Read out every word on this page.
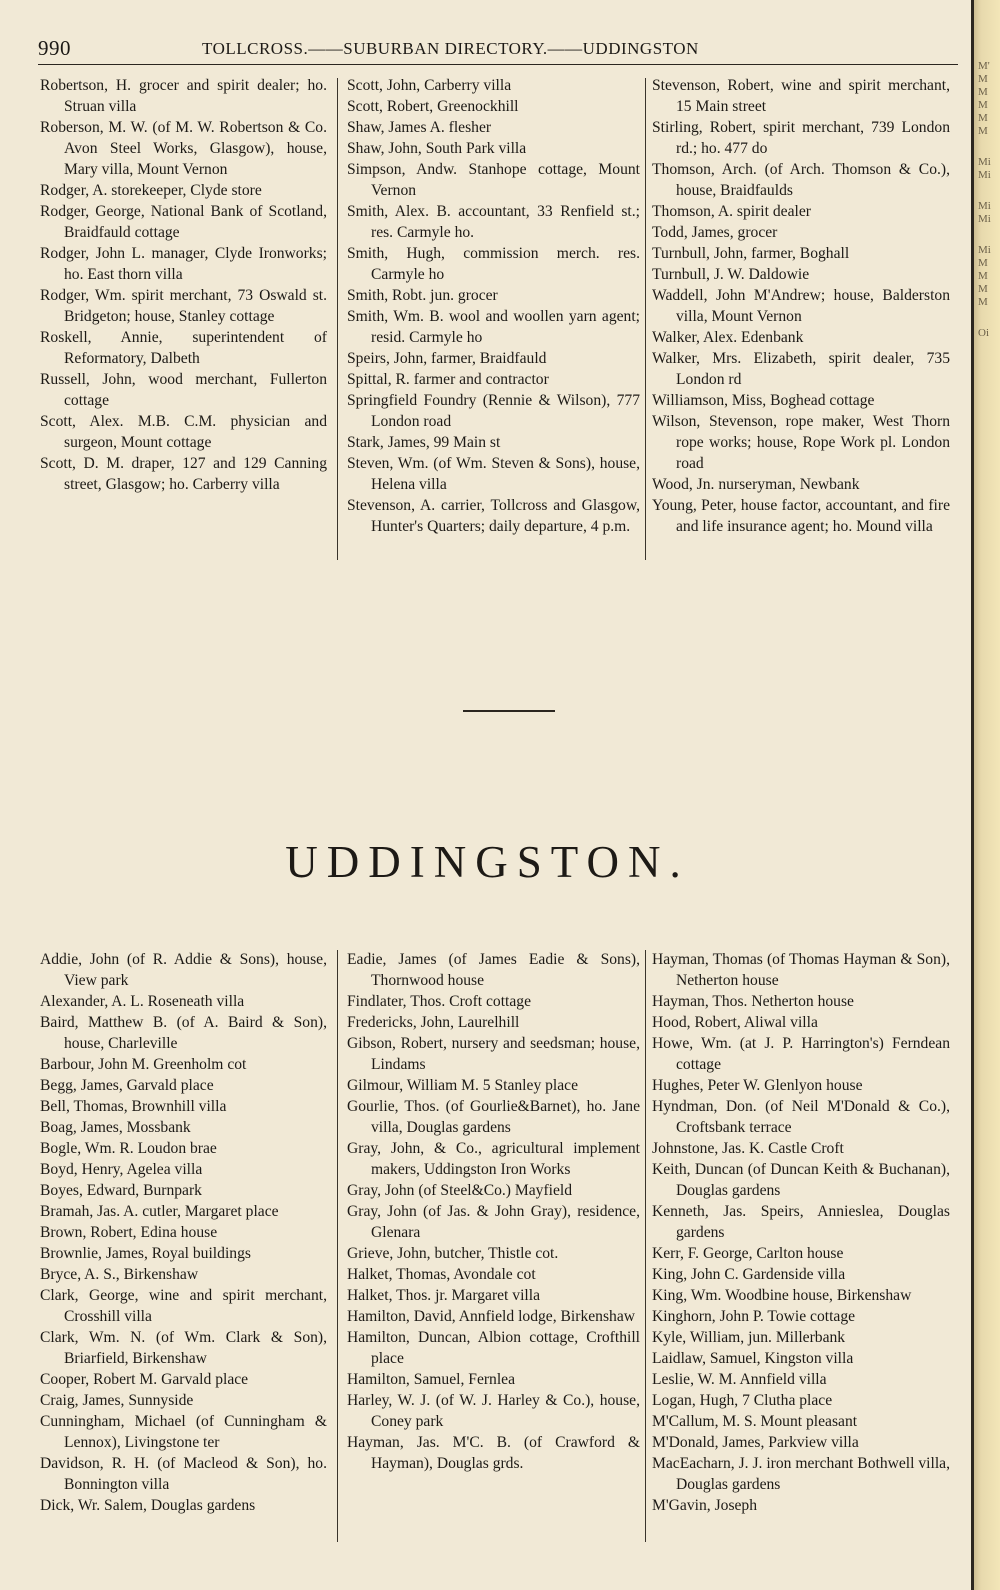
M'
M
M
M
M
M
Mi
Mi
Mi
Mi
Mi
M
M
M
M
Oi
990	TOLLCROSS.——SUBURBAN DIRECTORY.——UDDINGSTON

Robertson, H. grocer and spirit dealer; ho. Struan villa

Roberson, M. W. (of M. W. Robertson & Co. Avon Steel Works, Glasgow), house, Mary villa, Mount Vernon

Rodger, A. storekeeper, Clyde store

Rodger, George, National Bank of Scotland, Braidfauld cottage

Rodger, John L. manager, Clyde Ironworks; ho. East thorn villa

Rodger, Wm. spirit merchant, 73 Oswald st. Bridgeton; house, Stanley cottage

Roskell, Annie, superintendent of Reformatory, Dalbeth

Russell, John, wood merchant, Fullerton cottage

Scott, Alex. M.B. C.M. physician and surgeon, Mount cottage

Scott, D. M. draper, 127 and 129 Canning street, Glasgow; ho. Carberry villa

Scott, John, Carberry villa

Scott, Robert, Greenockhill

Shaw, James A. flesher

Shaw, John, South Park villa

Simpson, Andw. Stanhope cottage, Mount Vernon

Smith, Alex. B. accountant, 33 Renfield st.; res. Carmyle ho.

Smith, Hugh, commission merch. res. Carmyle ho

Smith, Robt. jun. grocer

Smith, Wm. B. wool and woollen yarn agent; resid. Carmyle ho

Speirs, John, farmer, Braidfauld

Spittal, R. farmer and contractor

Springfield Foundry (Rennie & Wilson), 777 London road

Stark, James, 99 Main st

Steven, Wm. (of Wm. Steven & Sons), house, Helena villa

Stevenson, A. carrier, Tollcross and Glasgow, Hunter's Quarters; daily departure, 4 p.m.

Stevenson, Robert, wine and spirit merchant, 15 Main street

Stirling, Robert, spirit merchant, 739 London rd.; ho. 477 do

Thomson, Arch. (of Arch. Thomson & Co.), house, Braidfaulds

Thomson, A. spirit dealer

Todd, James, grocer

Turnbull, John, farmer, Boghall

Turnbull, J. W. Daldowie

Waddell, John M'Andrew; house, Balderston villa, Mount Vernon

Walker, Alex. Edenbank

Walker, Mrs. Elizabeth, spirit dealer, 735 London rd

Williamson, Miss, Boghead cottage

Wilson, Stevenson, rope maker, West Thorn rope works; house, Rope Work pl. London road

Wood, Jn. nurseryman, Newbank

Young, Peter, house factor, accountant, and fire and life insurance agent; ho. Mound villa

UDDINGSTON.

Addie, John (of R. Addie & Sons), house, View park

Alexander, A. L. Roseneath villa

Baird, Matthew B. (of A. Baird & Son), house, Charleville

Barbour, John M. Greenholm cot

Begg, James, Garvald place

Bell, Thomas, Brownhill villa

Boag, James, Mossbank

Bogle, Wm. R. Loudon brae

Boyd, Henry, Agelea villa

Boyes, Edward, Burnpark

Bramah, Jas. A. cutler, Margaret place

Brown, Robert, Edina house

Brownlie, James, Royal buildings

Bryce, A. S., Birkenshaw

Clark, George, wine and spirit merchant, Crosshill villa

Clark, Wm. N. (of Wm. Clark & Son), Briarfield, Birkenshaw

Cooper, Robert M. Garvald place

Craig, James, Sunnyside

Cunningham, Michael (of Cunningham & Lennox), Livingstone ter

Davidson, R. H. (of Macleod & Son), ho. Bonnington villa

Dick, Wr. Salem, Douglas gardens

Eadie, James (of James Eadie & Sons), Thornwood house

Findlater, Thos. Croft cottage

Fredericks, John, Laurelhill

Gibson, Robert, nursery and seedsman; house, Lindams

Gilmour, William M. 5 Stanley place

Gourlie, Thos. (of Gourlie&Barnet), ho. Jane villa, Douglas gardens

Gray, John, & Co., agricultural implement makers, Uddingston Iron Works

Gray, John (of Steel&Co.) Mayfield

Gray, John (of Jas. & John Gray), residence, Glenara

Grieve, John, butcher, Thistle cot.

Halket, Thomas, Avondale cot

Halket, Thos. jr. Margaret villa

Hamilton, David, Annfield lodge, Birkenshaw

Hamilton, Duncan, Albion cottage, Crofthill place

Hamilton, Samuel, Fernlea

Harley, W. J. (of W. J. Harley & Co.), house, Coney park

Hayman, Jas. M'C. B. (of Crawford & Hayman), Douglas grds.

Hayman, Thomas (of Thomas Hayman & Son), Netherton house

Hayman, Thos. Netherton house

Hood, Robert, Aliwal villa

Howe, Wm. (at J. P. Harrington's) Ferndean cottage

Hughes, Peter W. Glenlyon house

Hyndman, Don. (of Neil M'Donald & Co.), Croftsbank terrace

Johnstone, Jas. K. Castle Croft

Keith, Duncan (of Duncan Keith & Buchanan), Douglas gardens

Kenneth, Jas. Speirs, Anniesleа, Douglas gardens

Kerr, F. George, Carlton house

King, John C. Gardenside villa

King, Wm. Woodbine house, Birkenshaw

Kinghorn, John P. Towie cottage

Kyle, William, jun. Millerbank

Laidlaw, Samuel, Kingston villa

Leslie, W. M. Annfield villa

Logan, Hugh, 7 Clutha place

M'Callum, M. S. Mount pleasant

M'Donald, James, Parkview villa

MacEacharn, J. J. iron merchant Bothwell villa, Douglas gardens

M'Gavin, Joseph
